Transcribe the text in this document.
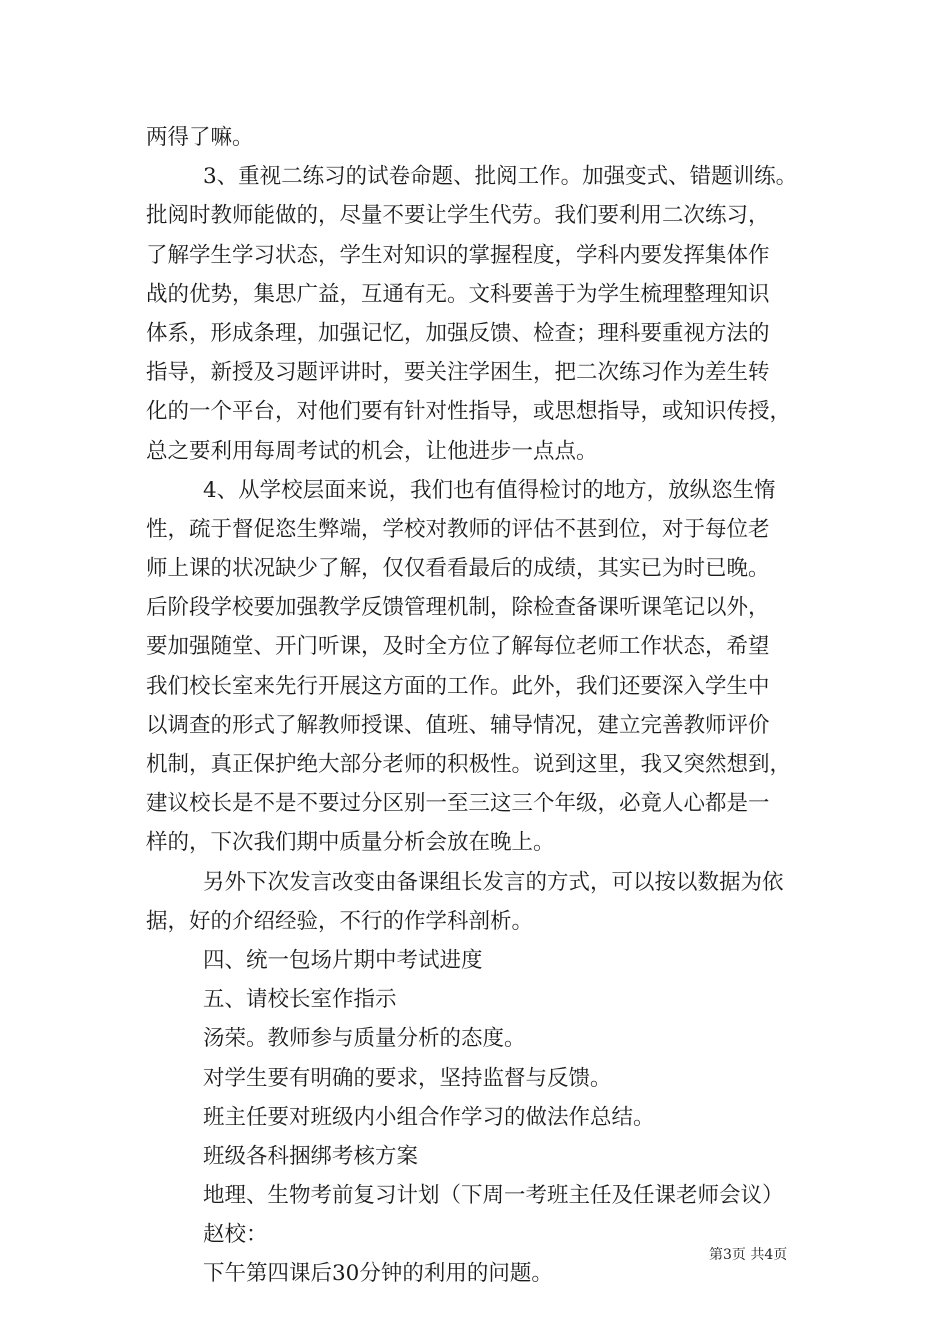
两得了嘛。
3、重视二练习的试卷命题、批阅工作。加强变式、错题训练。
批阅时教师能做的，尽量不要让学生代劳。我们要利用二次练习，
了解学生学习状态，学生对知识的掌握程度，学科内要发挥集体作
战的优势，集思广益，互通有无。文科要善于为学生梳理整理知识
体系，形成条理，加强记忆，加强反馈、检查；理科要重视方法的
指导，新授及习题评讲时，要关注学困生，把二次练习作为差生转
化的一个平台，对他们要有针对性指导，或思想指导，或知识传授，
总之要利用每周考试的机会，让他进步一点点。
4、从学校层面来说，我们也有值得检讨的地方，放纵恣生惰
性，疏于督促恣生弊端，学校对教师的评估不甚到位，对于每位老
师上课的状况缺少了解，仅仅看看最后的成绩，其实已为时已晚。
后阶段学校要加强教学反馈管理机制，除检查备课听课笔记以外，
要加强随堂、开门听课，及时全方位了解每位老师工作状态，希望
我们校长室来先行开展这方面的工作。此外，我们还要深入学生中
以调查的形式了解教师授课、值班、辅导情况，建立完善教师评价
机制，真正保护绝大部分老师的积极性。说到这里，我又突然想到，
建议校长是不是不要过分区别一至三这三个年级，必竟人心都是一
样的，下次我们期中质量分析会放在晚上。
另外下次发言改变由备课组长发言的方式，可以按以数据为依
据，好的介绍经验，不行的作学科剖析。
四、统一包场片期中考试进度
五、请校长室作指示
汤荣。教师参与质量分析的态度。
对学生要有明确的要求，坚持监督与反馈。
班主任要对班级内小组合作学习的做法作总结。
班级各科捆绑考核方案
地理、生物考前复习计划（下周一考班主任及任课老师会议）
赵校：
下午第四课后30分钟的利用的问题。
第3页 共4页
